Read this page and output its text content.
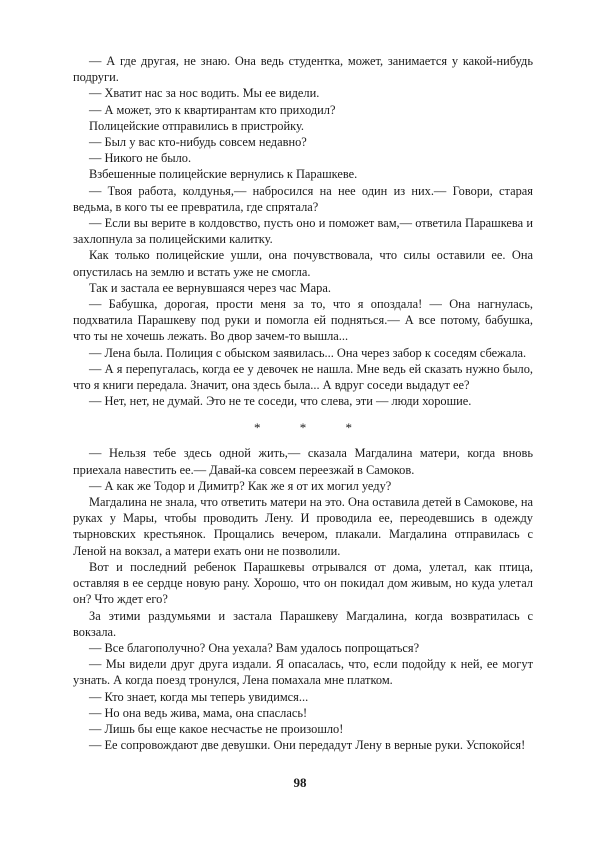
— А где другая, не знаю. Она ведь студентка, может, занимается у какой-нибудь подруги.

— Хватит нас за нос водить. Мы ее видели.

— А может, это к квартирантам кто приходил?

Полицейские отправились в пристройку.

— Был у вас кто-нибудь совсем недавно?

— Никого не было.

Взбешенные полицейские вернулись к Парашкеве.

— Твоя работа, колдунья,— набросился на нее один из них.— Говори, старая ведьма, в кого ты ее превратила, где спрятала?

— Если вы верите в колдовство, пусть оно и поможет вам,— ответила Парашкева и захлопнула за полицейскими калитку.

Как только полицейские ушли, она почувствовала, что силы оставили ее. Она опустилась на землю и встать уже не смогла.

Так и застала ее вернувшаяся через час Мара.

— Бабушка, дорогая, прости меня за то, что я опоздала! — Она нагнулась, подхватила Парашкеву под руки и помогла ей подняться.— А все потому, бабушка, что ты не хочешь лежать. Во двор зачем-то вышла...

— Лена была. Полиция с обыском заявилась... Она через забор к соседям сбежала.

— А я перепугалась, когда ее у девочек не нашла. Мне ведь ей сказать нужно было, что я книги передала. Значит, она здесь была... А вдруг соседи выдадут ее?

— Нет, нет, не думай. Это не те соседи, что слева, эти — люди хорошие.

* * *

— Нельзя тебе здесь одной жить,— сказала Магдалина матери, когда вновь приехала навестить ее.— Давай-ка совсем переезжай в Самоков.

— А как же Тодор и Димитр? Как же я от их могил уеду?

Магдалина не знала, что ответить матери на это. Она оставила детей в Самокове, на руках у Мары, чтобы проводить Лену. И проводила ее, переодевшись в одежду тырновских крестьянок. Прощались вечером, плакали. Магдалина отправилась с Леной на вокзал, а матери ехать они не позволили.

Вот и последний ребенок Парашкевы отрывался от дома, улетал, как птица, оставляя в ее сердце новую рану. Хорошо, что он покидал дом живым, но куда улетал он? Что ждет его?

За этими раздумьями и застала Парашкеву Магдалина, когда возвратилась с вокзала.

— Все благополучно? Она уехала? Вам удалось попрощаться?

— Мы видели друг друга издали. Я опасалась, что, если подойду к ней, ее могут узнать. А когда поезд тронулся, Лена помахала мне платком.

— Кто знает, когда мы теперь увидимся...

— Но она ведь жива, мама, она спаслась!

— Лишь бы еще какое несчастье не произошло!

— Ее сопровождают две девушки. Они передадут Лену в верные руки. Успокойся!

98
